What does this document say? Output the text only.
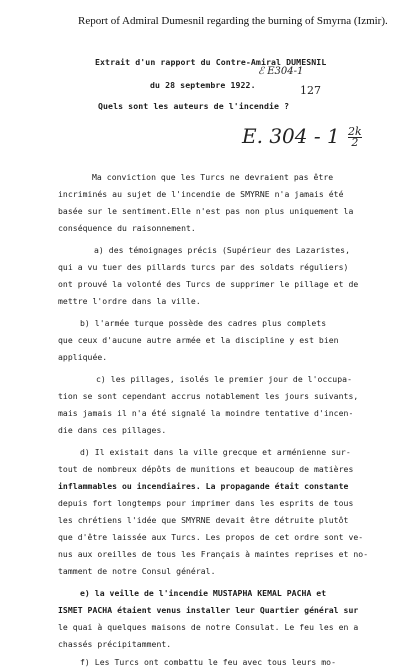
Report of Admiral Dumesnil regarding the burning of Smyrna (Izmir).
Extrait d'un rapport du Contre-Amiral DUMESNIL
ℰ E304-1
du 28 septembre 1922.	127
Quels sont les auteurs de l'incendie ?
E. $304 - 1 \frac{2k}{2}$
Ma conviction que les Turcs ne devraient pas être
incriminés au sujet de l'incendie de SMYRNE n'a jamais été
basée sur le sentiment.Elle n'est pas non plus uniquement la
conséquence du raisonnement.
a) des témoignages précis (Supérieur des Lazaristes,
qui a vu tuer des pillards turcs par des soldats réguliers)
ont prouvé la volonté des Turcs de supprimer le pillage et de
mettre l'ordre dans la ville.
b) l'armée turque possède des cadres plus complets
que ceux d'aucune autre armée et la discipline y est bien
appliquée.
c) les pillages, isolés le premier jour de l'occupa-
tion se sont cependant accrus notablement les jours suivants,
mais jamais il n'a été signalé la moindre tentative d'incen-
die dans ces pillages.
d) Il existait dans la ville grecque et arménienne sur-
tout de nombreux dépôts de munitions et beaucoup de matières
inflammables ou incendiaires. La propagande était constante
depuis fort longtemps pour imprimer dans les esprits de tous
les chrétiens l'idée que SMYRNE devait être détruite plutôt
que d'être laissée aux Turcs. Les propos de cet ordre sont ve-
nus aux oreilles de tous les Français à maintes reprises et no-
tamment de notre Consul général.
e) la veille de l'incendie MUSTAPHA KEMAL PACHA et
ISMET PACHA étaient venus installer leur Quartier général sur
le quai à quelques maisons de notre Consulat. Le feu les en a
chassés précipitamment.
f) Les Turcs ont combattu le feu avec tous leurs mo-
